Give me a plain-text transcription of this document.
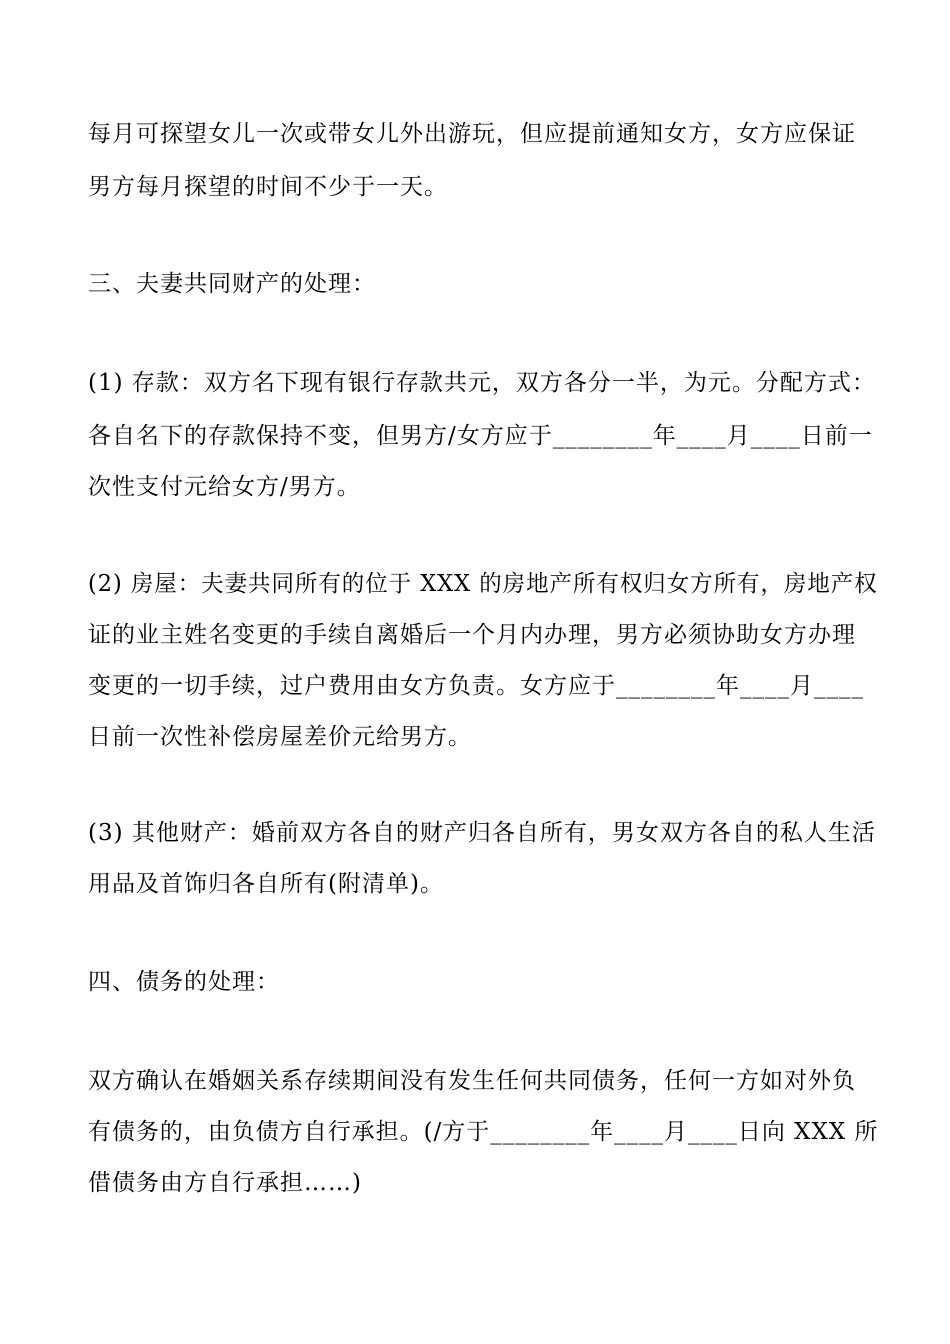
每月可探望女儿一次或带女儿外出游玩，但应提前通知女方，女方应保证
男方每月探望的时间不少于一天。
三、夫妻共同财产的处理：
(1) 存款：双方名下现有银行存款共元，双方各分一半，为元。分配方式：
各自名下的存款保持不变，但男方/女方应于________年____月____日前一
次性支付元给女方/男方。
(2) 房屋：夫妻共同所有的位于 XXX 的房地产所有权归女方所有，房地产权
证的业主姓名变更的手续自离婚后一个月内办理，男方必须协助女方办理
变更的一切手续，过户费用由女方负责。女方应于________年____月____
日前一次性补偿房屋差价元给男方。
(3) 其他财产：婚前双方各自的财产归各自所有，男女双方各自的私人生活
用品及首饰归各自所有(附清单)。
四、债务的处理：
双方确认在婚姻关系存续期间没有发生任何共同债务，任何一方如对外负
有债务的，由负债方自行承担。(/方于________年____月____日向 XXX 所
借债务由方自行承担……)
